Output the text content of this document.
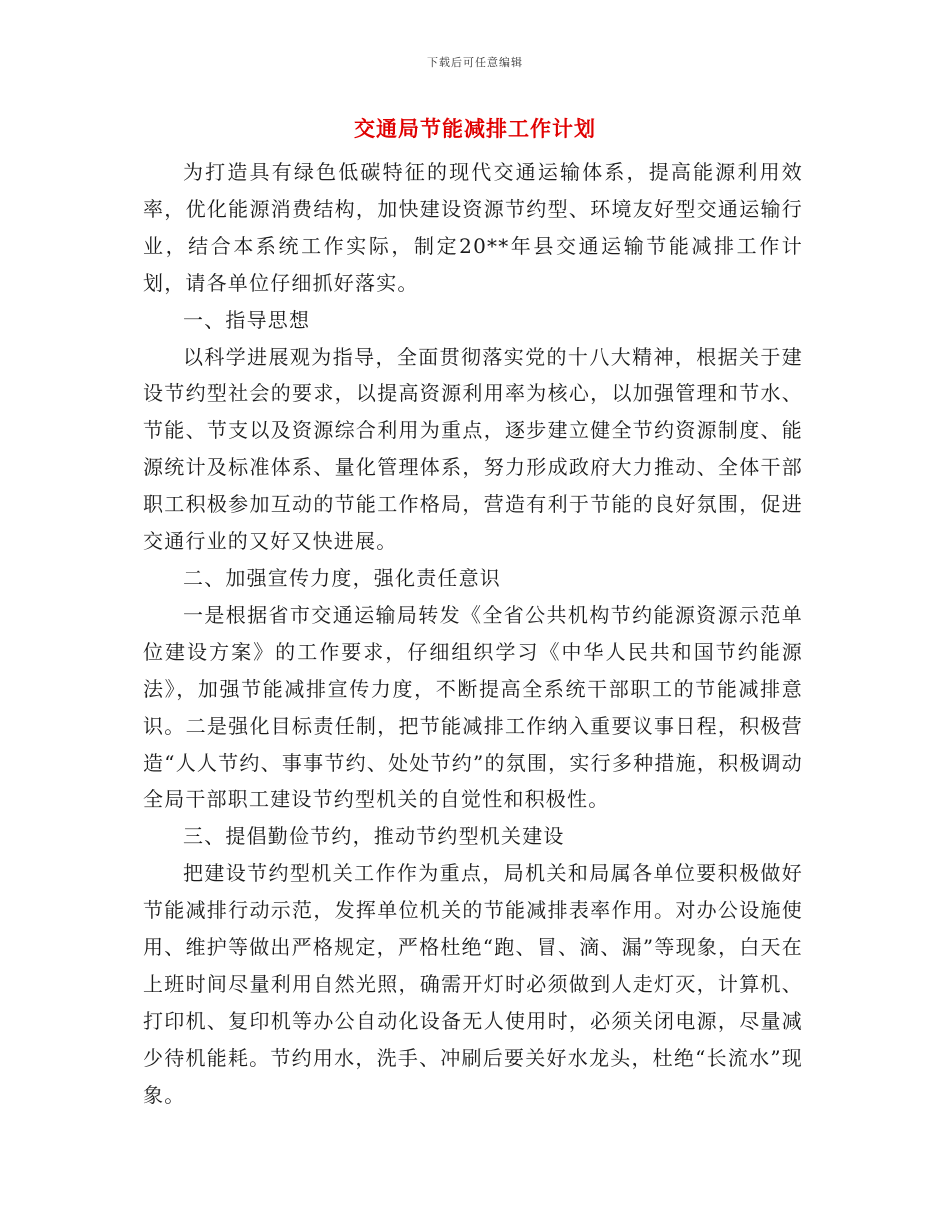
下载后可任意编辑
交通局节能减排工作计划

为打造具有绿色低碳特征的现代交通运输体系，提高能源利用效率，优化能源消费结构，加快建设资源节约型、环境友好型交通运输行业，结合本系统工作实际，制定20**年县交通运输节能减排工作计划，请各单位仔细抓好落实。

一、指导思想

以科学进展观为指导，全面贯彻落实党的十八大精神，根据关于建设节约型社会的要求，以提高资源利用率为核心，以加强管理和节水、节能、节支以及资源综合利用为重点，逐步建立健全节约资源制度、能源统计及标准体系、量化管理体系，努力形成政府大力推动、全体干部职工积极参加互动的节能工作格局，营造有利于节能的良好氛围，促进交通行业的又好又快进展。

二、加强宣传力度，强化责任意识

一是根据省市交通运输局转发《全省公共机构节约能源资源示范单位建设方案》的工作要求，仔细组织学习《中华人民共和国节约能源法》，加强节能减排宣传力度，不断提高全系统干部职工的节能减排意识。二是强化目标责任制，把节能减排工作纳入重要议事日程，积极营造“人人节约、事事节约、处处节约”的氛围，实行多种措施，积极调动全局干部职工建设节约型机关的自觉性和积极性。

三、提倡勤俭节约，推动节约型机关建设

把建设节约型机关工作作为重点，局机关和局属各单位要积极做好节能减排行动示范，发挥单位机关的节能减排表率作用。对办公设施使用、维护等做出严格规定，严格杜绝“跑、冒、滴、漏”等现象，白天在上班时间尽量利用自然光照，确需开灯时必须做到人走灯灭，计算机、打印机、复印机等办公自动化设备无人使用时，必须关闭电源，尽量减少待机能耗。节约用水，洗手、冲刷后要关好水龙头，杜绝“长流水”现象。
